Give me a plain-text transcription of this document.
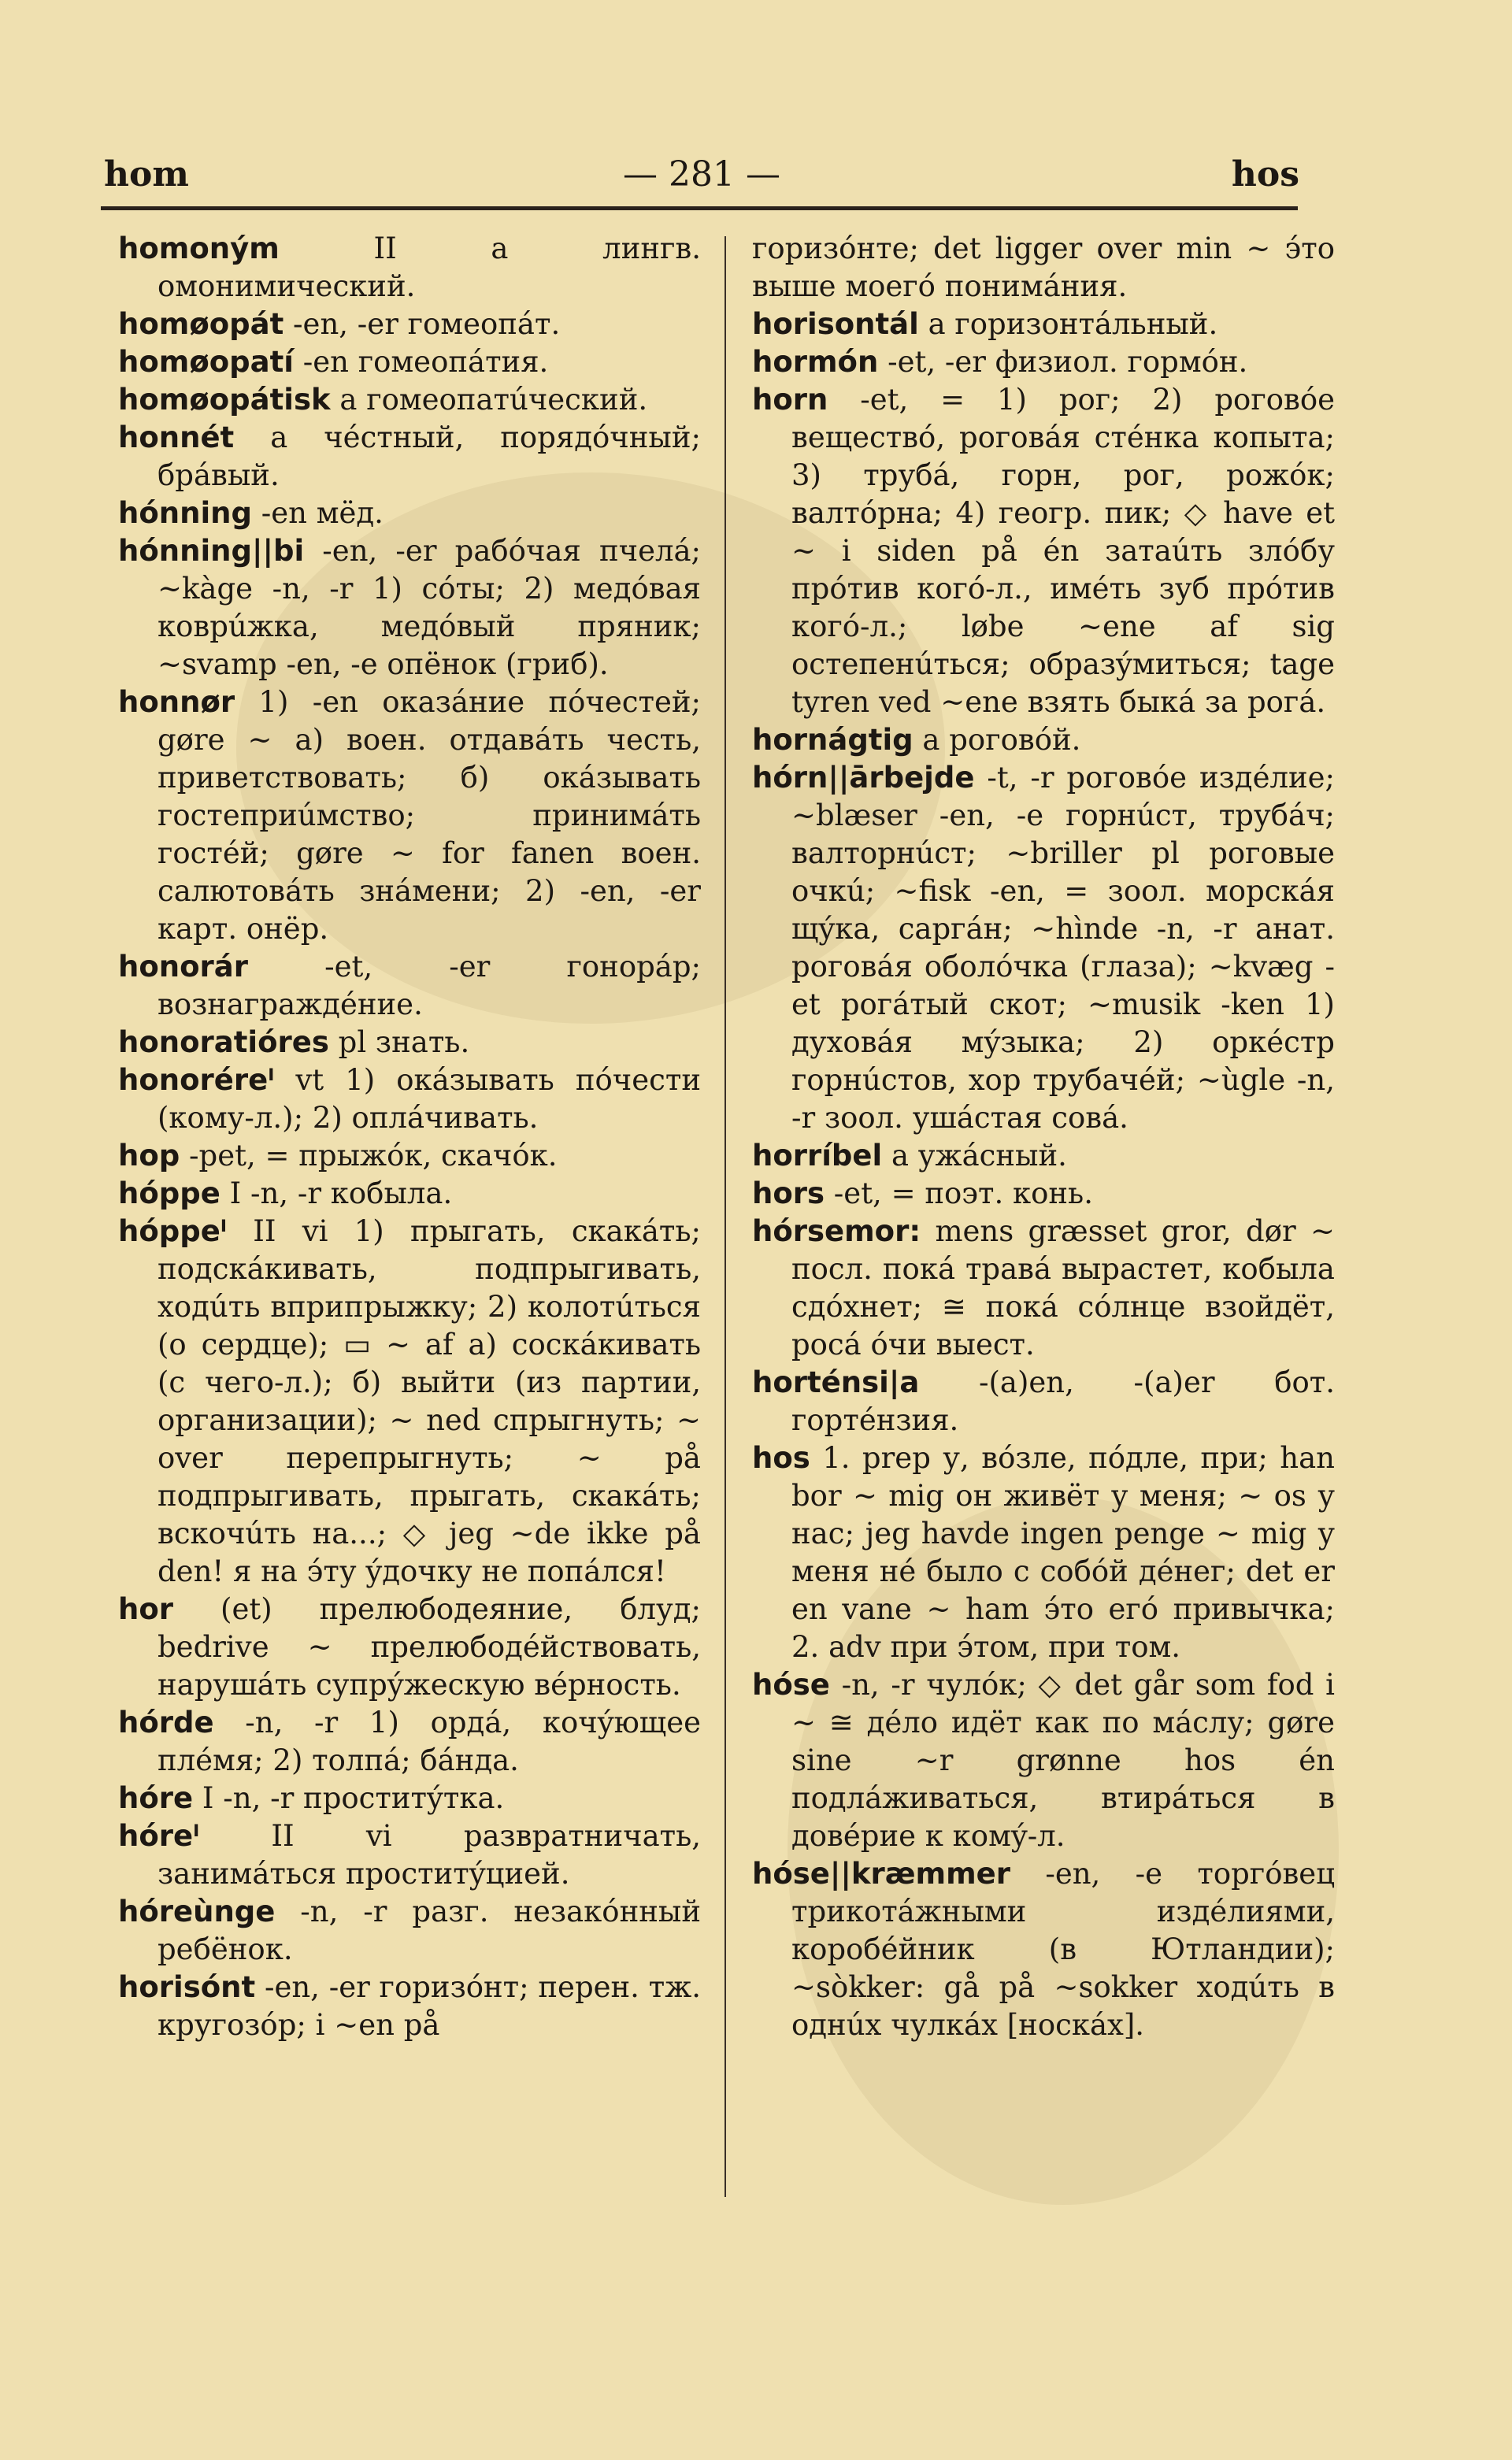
hom	— 281 —	hos

homoným II a лингв. омонимический.

homøopát -en, -er гомеопáт.

homøopatí -en гомеопáтия.

homøopátisk a гомеопатúческий.

honnét a чéстный, порядóчный; брáвый.

hónning -en мёд.

hónning||bi -en, -er рабóчая пчелá; ~kàge -n, -r 1) сóты; 2) медóвая коврúжка, медóвый пряник; ~svamp -en, -e опёнок (гриб).

honnør 1) -en оказáние пóчестей; gøre ~ а) воен. отдавáть честь, приветствовать; б) окáзывать гостеприúмство; принимáть гостéй; gøre ~ for fanen воен. салютовáть знáмени; 2) -en, -er карт. онёр.

honorár -et, -er гонорáр; вознаграждéние.

honoratióres pl знать.

honoréreˡ vt 1) окáзывать пóчести (кому-л.); 2) оплáчивать.

hop -pet, = прыжóк, скачóк.

hóppe I -n, -r кобыла.

hóppeˡ II vi 1) прыгать, скакáть; подскáкивать, подпрыгивать, ходúть вприпрыжку; 2) колотúться (о сердце); ▭ ~ af а) соскáкивать (с чего-л.); б) выйти (из партии, организации); ~ ned спрыгнуть; ~ over перепрыгнуть; ~ på подпрыгивать, прыгать, скакáть; вскочúть на...; ◇ jeg ~de ikke på den! я на э́ту ýдочку не попáлся!

hor (et) прелюбодеяние, блуд; bedrive ~ прелюбодéйствовать, нарушáть супрýжескую вéрность.

hórde -n, -r 1) ордá, кочýющее плéмя; 2) толпá; бáнда.

hóre I -n, -r проститýтка.

hóreˡ II vi развратничать, занимáться проститýцией.

hóreùnge -n, -r разг. незакóнный ребёнок.

horisónt -en, -er горизóнт; перен. тж. кругозóр; i ~en på

горизóнте; det ligger over min ~ э́то выше моегó понимáния.

horisontál a горизонтáльный.

hormón -et, -er физиол. гормóн.

horn -et, = 1) рог; 2) роговóе веществó, роговáя стéнка копыта; 3) трубá, горн, рог, рожóк; валтóрна; 4) геогр. пик; ◇ have et ~ i siden på én затаúть злóбу прóтив когó-л., имéть зуб прóтив когó-л.; løbe ~ene af sig остепенúться; образýмиться; tage tyren ved ~ene взять быкá за рогá.

hornágtig a роговóй.

hórn||ārbejde -t, -r роговóе издéлие; ~blæser -en, -e горнúст, трубáч; валторнúст; ~briller pl роговые очкú; ~fisk -en, = зоол. морскáя щýка, саргáн; ~hìnde -n, -r анат. роговáя оболóчка (глаза); ~kvæg -et рогáтый скот; ~musik -ken 1) духовáя мýзыка; 2) оркéстр горнúстов, хор трубачéй; ~ùgle -n, -r зоол. ушáстая совá.

horríbel a ужáсный.

hors -et, = поэт. конь.

hórsemor: mens græsset gror, dør ~ посл. покá травá вырастет, кобыла сдóхнет; ≅ покá сóлнце взойдёт, росá óчи выест.

horténsi|a -(a)en, -(a)er бот. гортéнзия.

hos 1. prep у, вóзле, пóдле, при; han bor ~ mig он живёт у меня; ~ os у нас; jeg havde ingen penge ~ mig у меня нé было с собóй дéнег; det er en vane ~ ham э́то егó привычка; 2. adv при э́том, при том.

hóse -n, -r чулóк; ◇ det går som fod i ~ ≅ дéло идёт как по мáслу; gøre sine ~r grønne hos én подлáживаться, втирáться в довéрие к комý-л.

hóse||kræmmer -en, -e торгóвец трикотáжными издéлиями, коробéйник (в Ютландии); ~sòkker: gå på ~sokker ходúть в однúх чулкáх [носкáх].
